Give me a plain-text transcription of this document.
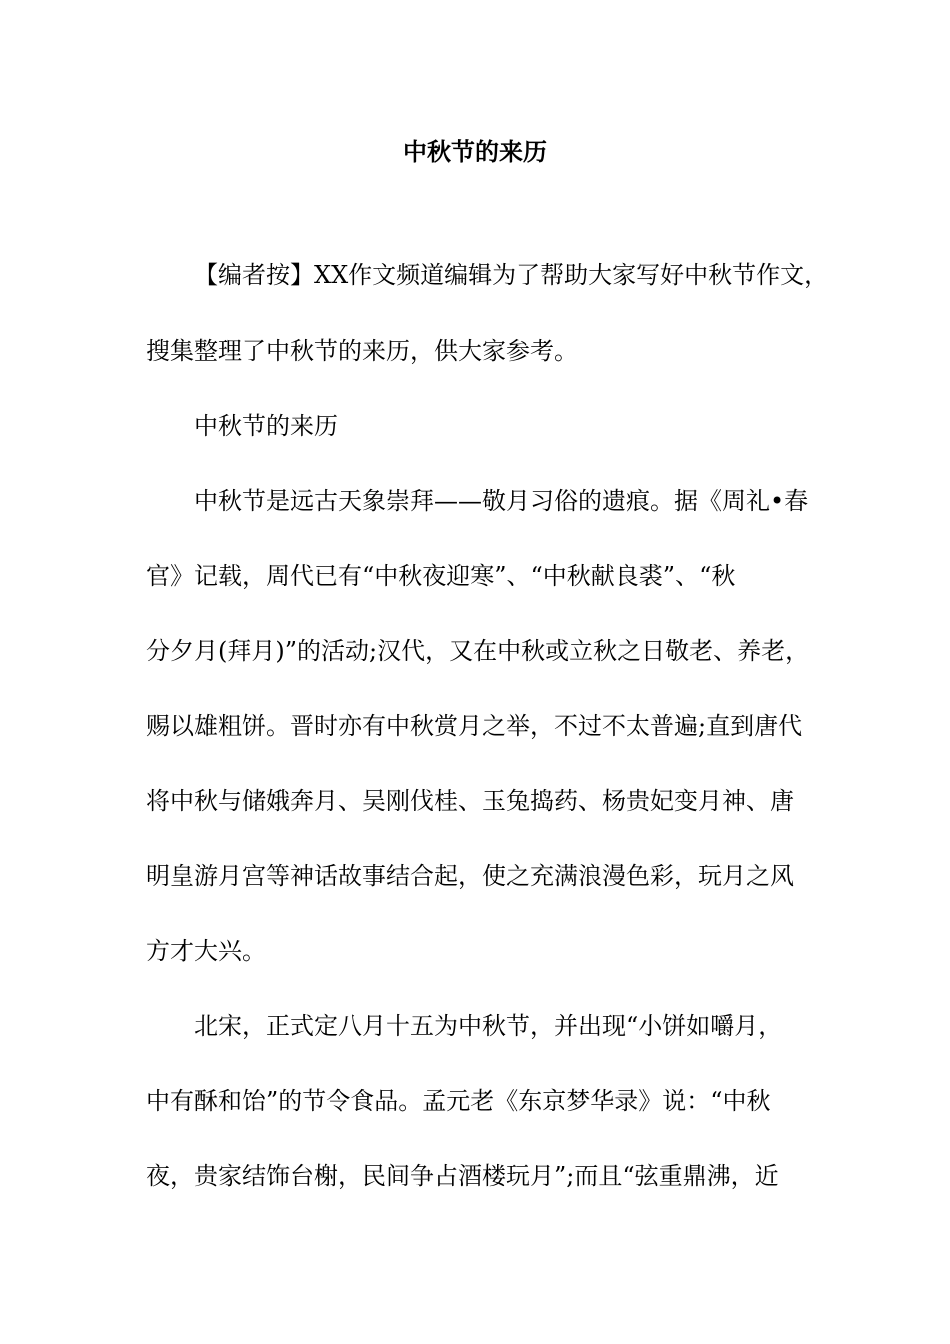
中秋节的来历
【编者按】XX作文频道编辑为了帮助大家写好中秋节作文，
搜集整理了中秋节的来历，供大家参考。
中秋节的来历
中秋节是远古天象崇拜——敬月习俗的遗痕。据《周礼•春
官》记载，周代已有“中秋夜迎寒”、“中秋献良裘”、“秋
分夕月(拜月)”的活动;汉代，又在中秋或立秋之日敬老、养老，
赐以雄粗饼。晋时亦有中秋赏月之举，不过不太普遍;直到唐代
将中秋与储娥奔月、吴刚伐桂、玉兔捣药、杨贵妃变月神、唐
明皇游月宫等神话故事结合起，使之充满浪漫色彩，玩月之风
方才大兴。
北宋，正式定八月十五为中秋节，并出现“小饼如嚼月，
中有酥和饴”的节令食品。孟元老《东京梦华录》说：“中秋
夜，贵家结饰台榭，民间争占酒楼玩月”;而且“弦重鼎沸，近
